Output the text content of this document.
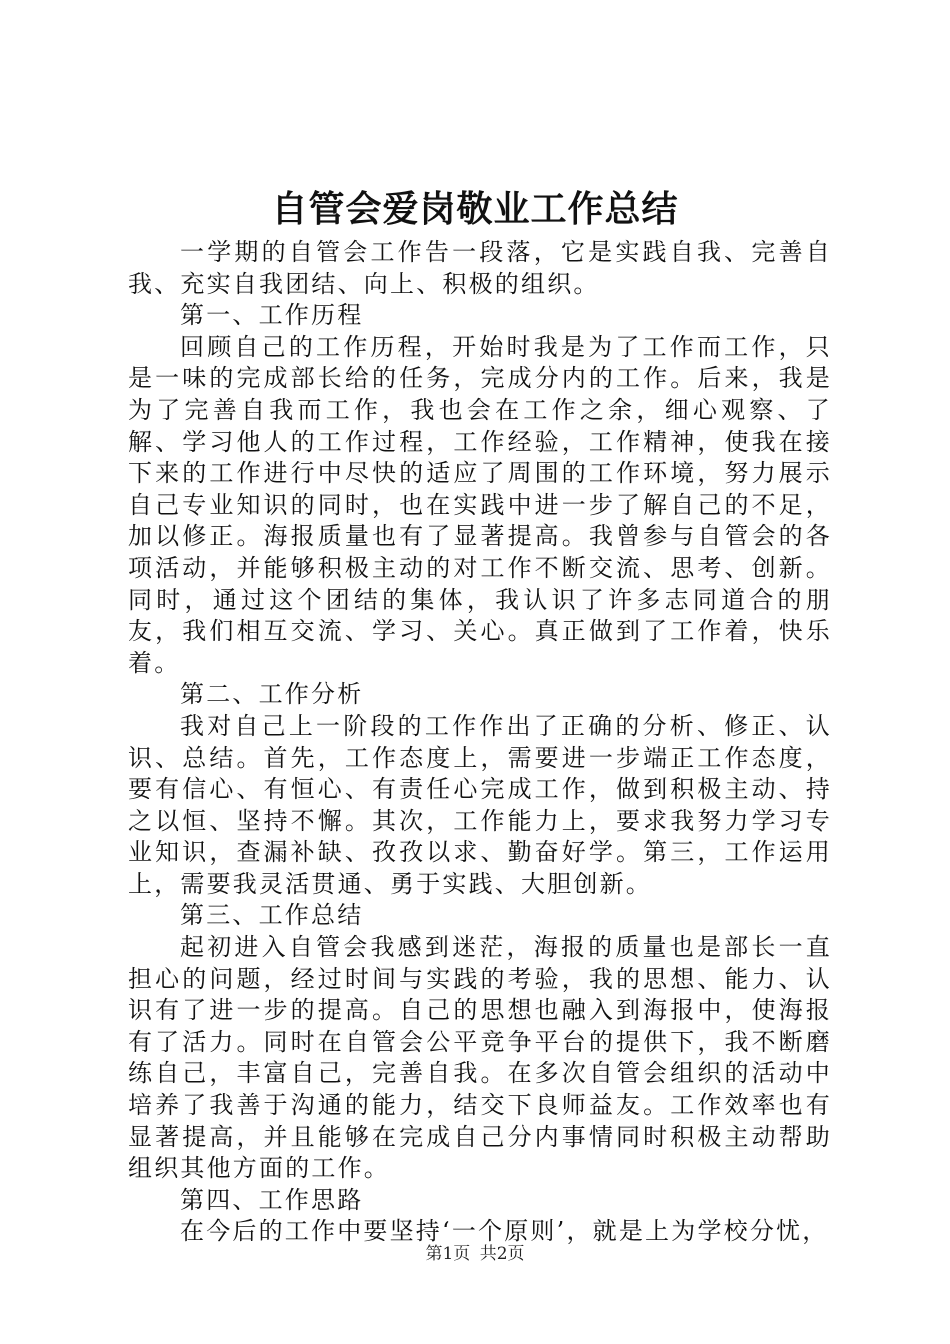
自管会爱岗敬业工作总结

一学期的自管会工作告一段落，它是实践自我、完善自我、充实自我团结、向上、积极的组织。

第一、工作历程

回顾自己的工作历程，开始时我是为了工作而工作，只是一味的完成部长给的任务，完成分内的工作。后来，我是为了完善自我而工作，我也会在工作之余，细心观察、了解、学习他人的工作过程，工作经验，工作精神，使我在接下来的工作进行中尽快的适应了周围的工作环境，努力展示自己专业知识的同时，也在实践中进一步了解自己的不足，加以修正。海报质量也有了显著提高。我曾参与自管会的各项活动，并能够积极主动的对工作不断交流、思考、创新。同时，通过这个团结的集体，我认识了许多志同道合的朋友，我们相互交流、学习、关心。真正做到了工作着，快乐着。

第二、工作分析

我对自己上一阶段的工作作出了正确的分析、修正、认识、总结。首先，工作态度上，需要进一步端正工作态度，要有信心、有恒心、有责任心完成工作，做到积极主动、持之以恒、坚持不懈。其次，工作能力上，要求我努力学习专业知识，查漏补缺、孜孜以求、勤奋好学。第三，工作运用上，需要我灵活贯通、勇于实践、大胆创新。

第三、工作总结

起初进入自管会我感到迷茫，海报的质量也是部长一直担心的问题，经过时间与实践的考验，我的思想、能力、认识有了进一步的提高。自己的思想也融入到海报中，使海报有了活力。同时在自管会公平竞争平台的提供下，我不断磨练自己，丰富自己，完善自我。在多次自管会组织的活动中培养了我善于沟通的能力，结交下良师益友。工作效率也有显著提高，并且能够在完成自己分内事情同时积极主动帮助组织其他方面的工作。

第四、工作思路

在今后的工作中要坚持‘一个原则’，就是上为学校分忧，

第1页 共2页
